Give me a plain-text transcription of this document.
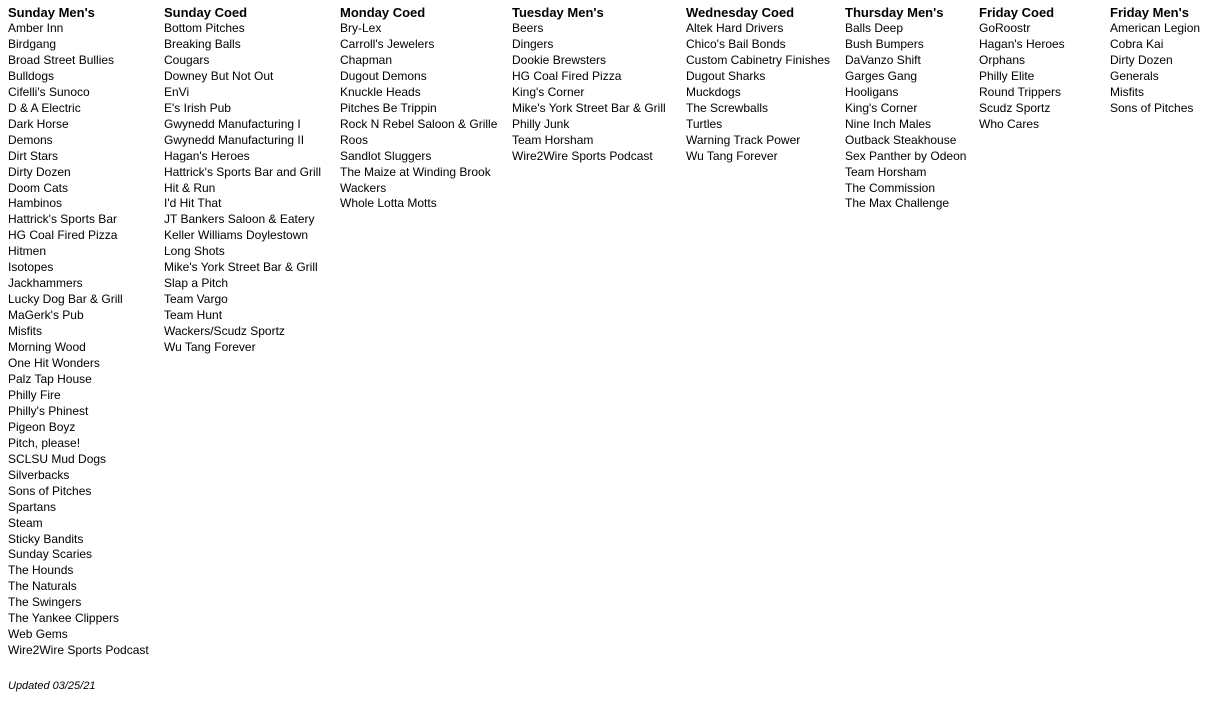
Sunday Men's
Amber Inn
Birdgang
Broad Street Bullies
Bulldogs
Cifelli's Sunoco
D & A Electric
Dark Horse
Demons
Dirt Stars
Dirty Dozen
Doom Cats
Hambinos
Hattrick's Sports Bar
HG Coal Fired Pizza
Hitmen
Isotopes
Jackhammers
Lucky Dog Bar & Grill
MaGerk's Pub
Misfits
Morning Wood
One Hit Wonders
Palz Tap House
Philly Fire
Philly's Phinest
Pigeon Boyz
Pitch, please!
SCLSU Mud Dogs
Silverbacks
Sons of Pitches
Spartans
Steam
Sticky Bandits
Sunday Scaries
The Hounds
The Naturals
The Swingers
The Yankee Clippers
Web Gems
Wire2Wire Sports Podcast
Sunday Coed
Bottom Pitches
Breaking Balls
Cougars
Downey But Not Out
EnVi
E's Irish Pub
Gwynedd Manufacturing I
Gwynedd Manufacturing II
Hagan's Heroes
Hattrick's Sports Bar and Grill
Hit & Run
I'd Hit That
JT Bankers Saloon & Eatery
Keller Williams Doylestown
Long Shots
Mike's York Street Bar & Grill
Slap a Pitch
Team Vargo
Team Hunt
Wackers/Scudz Sportz
Wu Tang Forever
Monday Coed
Bry-Lex
Carroll's Jewelers
Chapman
Dugout Demons
Knuckle Heads
Pitches Be Trippin
Rock N Rebel Saloon & Grille
Roos
Sandlot Sluggers
The Maize at Winding Brook
Wackers
Whole Lotta Motts
Tuesday Men's
Beers
Dingers
Dookie Brewsters
HG Coal Fired Pizza
King's Corner
Mike's York Street Bar & Grill
Philly Junk
Team Horsham
Wire2Wire Sports Podcast
Wednesday Coed
Altek Hard Drivers
Chico's Bail Bonds
Custom Cabinetry Finishes
Dugout Sharks
Muckdogs
The Screwballs
Turtles
Warning Track Power
Wu Tang Forever
Thursday Men's
Balls Deep
Bush Bumpers
DaVanzo Shift
Garges Gang
Hooligans
King's Corner
Nine Inch Males
Outback Steakhouse
Sex Panther by Odeon
Team Horsham
The Commission
The Max Challenge
Friday Coed
GoRoostr
Hagan's Heroes
Orphans
Philly Elite
Round Trippers
Scudz Sportz
Who Cares
Friday Men's
American Legion
Cobra Kai
Dirty Dozen
Generals
Misfits
Sons of Pitches
Updated 03/25/21
